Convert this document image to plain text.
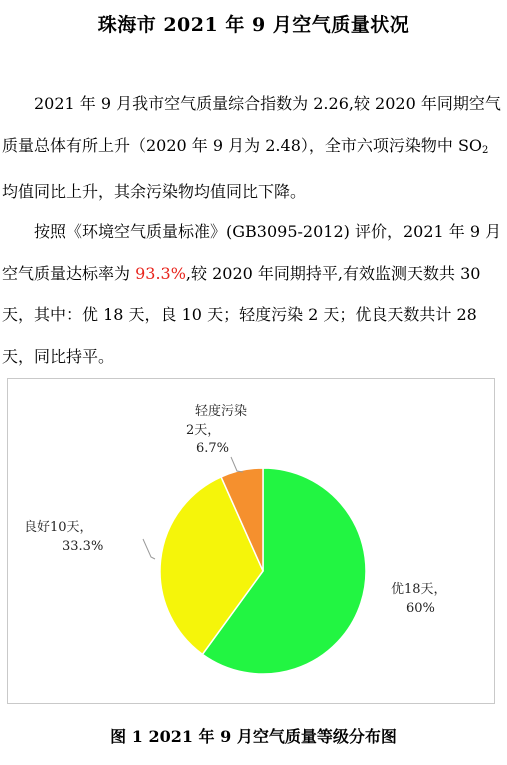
珠海市 2021 年 9 月空气质量状况

2021 年 9 月我市空气质量综合指数为 2.26,较 2020 年同期空气质量总体有所上升（2020 年 9 月为 2.48），全市六项污染物中 $SO_2$均值同比上升，其余污染物均值同比下降。

按照《环境空气质量标准》(GB3095-2012) 评价，2021 年 9 月空气质量达标率为 93.3%,较 2020 年同期持平,有效监测天数共 30 天，其中：优 18 天，良 10 天；轻度污染 2 天；优良天数共计 28 天，同比持平。

轻度污染
2天，
6.7%
良好10天，
33.3%
优18天，
60%
图 1 2021 年 9 月空气质量等级分布图
